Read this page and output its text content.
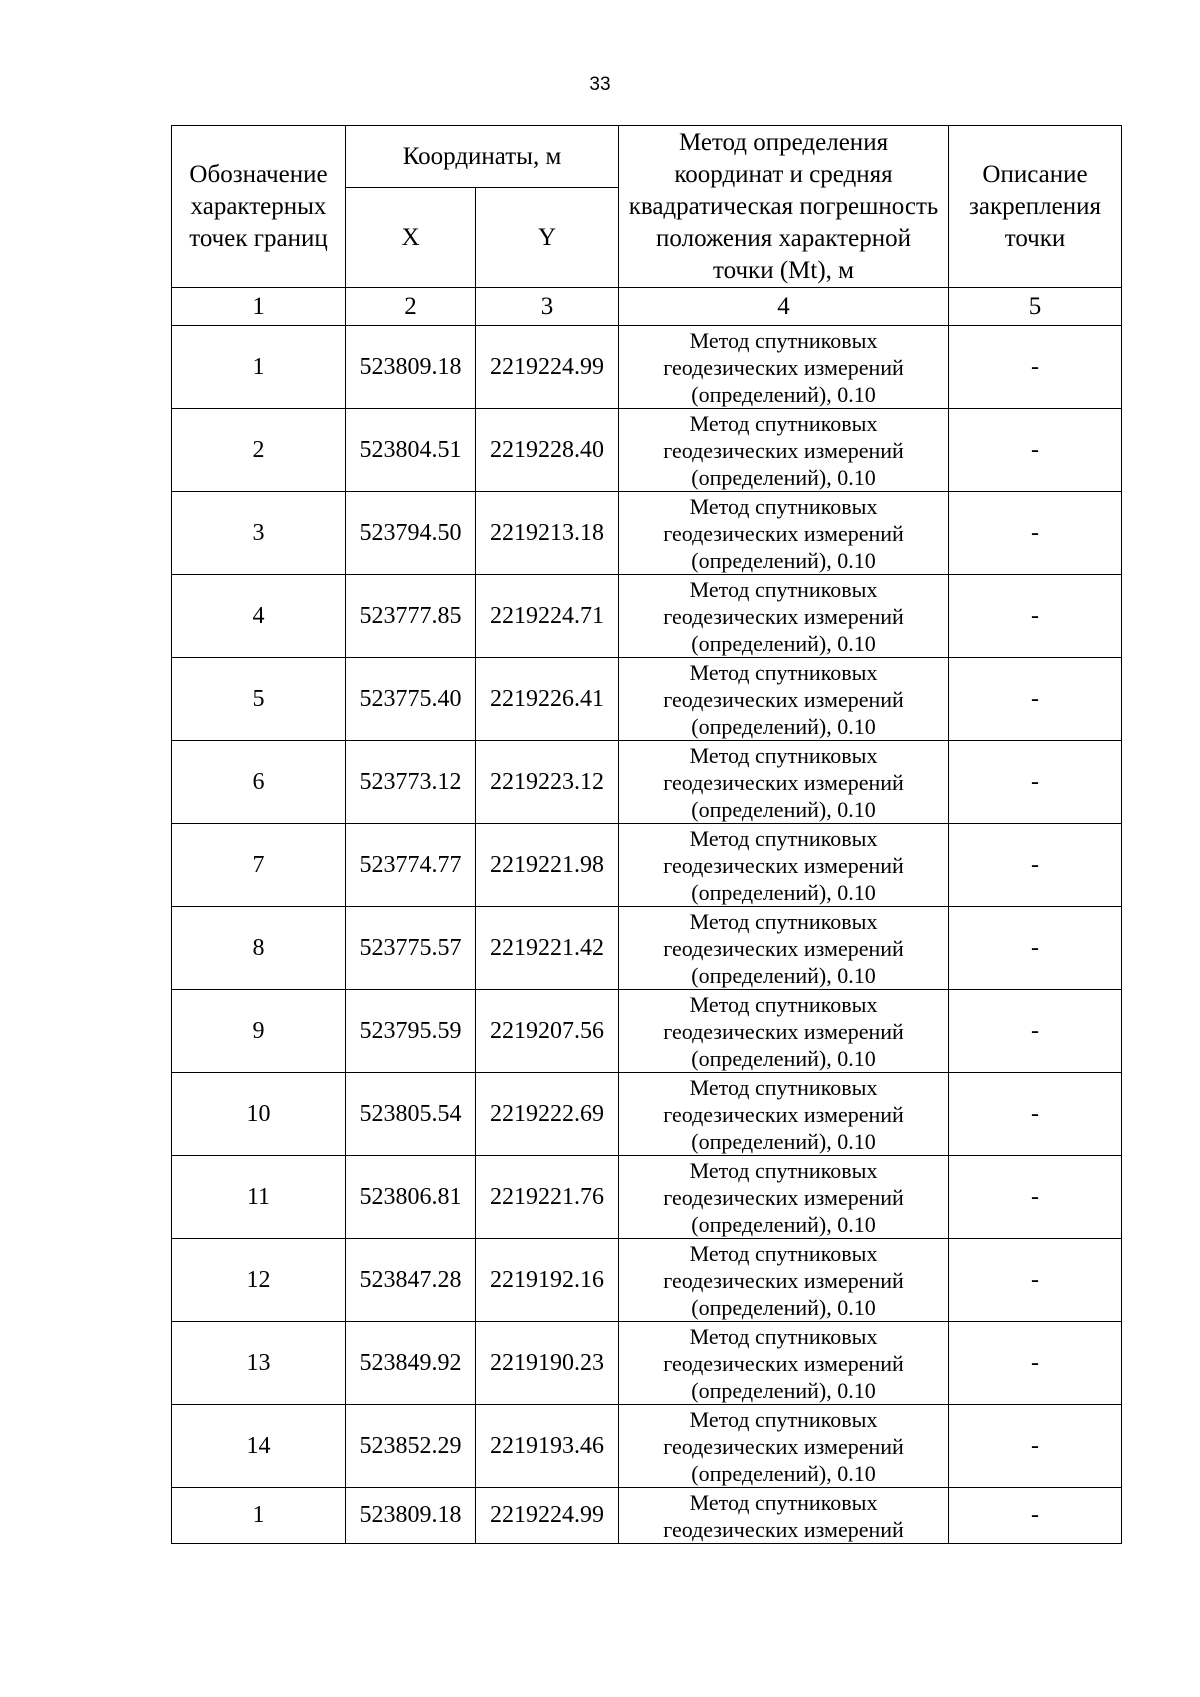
33
Обозначение характерных точек границ	Координаты, м		Метод определения координат и средняя квадратическая погрешность положения характерной точки (Mt), м	Описание закрепления точки
	X	Y		
1	2	3	4	5
1	523809.18	2219224.99	Метод спутниковых геодезических измерений (определений), 0.10	-
2	523804.51	2219228.40	Метод спутниковых геодезических измерений (определений), 0.10	-
3	523794.50	2219213.18	Метод спутниковых геодезических измерений (определений), 0.10	-
4	523777.85	2219224.71	Метод спутниковых геодезических измерений (определений), 0.10	-
5	523775.40	2219226.41	Метод спутниковых геодезических измерений (определений), 0.10	-
6	523773.12	2219223.12	Метод спутниковых геодезических измерений (определений), 0.10	-
7	523774.77	2219221.98	Метод спутниковых геодезических измерений (определений), 0.10	-
8	523775.57	2219221.42	Метод спутниковых геодезических измерений (определений), 0.10	-
9	523795.59	2219207.56	Метод спутниковых геодезических измерений (определений), 0.10	-
10	523805.54	2219222.69	Метод спутниковых геодезических измерений (определений), 0.10	-
11	523806.81	2219221.76	Метод спутниковых геодезических измерений (определений), 0.10	-
12	523847.28	2219192.16	Метод спутниковых геодезических измерений (определений), 0.10	-
13	523849.92	2219190.23	Метод спутниковых геодезических измерений (определений), 0.10	-
14	523852.29	2219193.46	Метод спутниковых геодезических измерений (определений), 0.10	-
1	523809.18	2219224.99	Метод спутниковых геодезических измерений	-
